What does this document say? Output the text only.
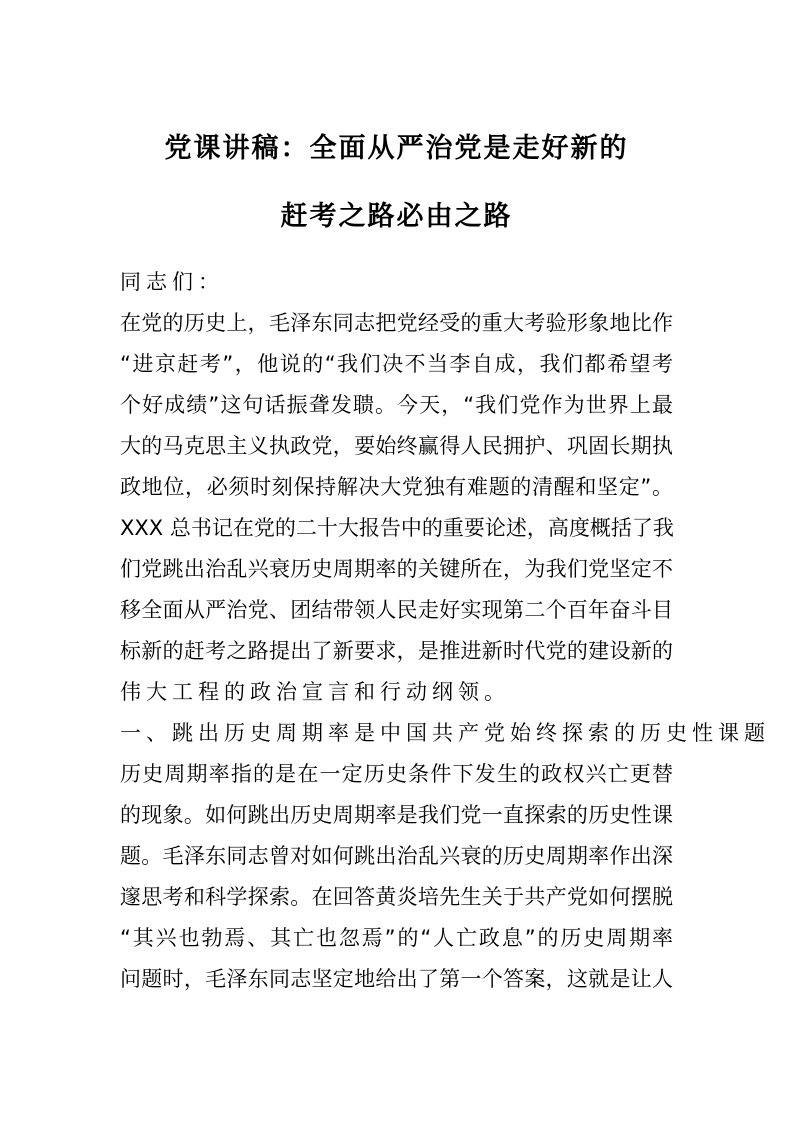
党课讲稿：全面从严治党是走好新的
赶考之路必由之路
同志们：
在党的历史上，毛泽东同志把党经受的重大考验形象地比作
“进京赶考”，他说的“我们决不当李自成，我们都希望考
个好成绩”这句话振聋发聩。今天，“我们党作为世界上最
大的马克思主义执政党，要始终赢得人民拥护、巩固长期执
政地位，必须时刻保持解决大党独有难题的清醒和坚定”。
XXX 总书记在党的二十大报告中的重要论述，高度概括了我
们党跳出治乱兴衰历史周期率的关键所在，为我们党坚定不
移全面从严治党、团结带领人民走好实现第二个百年奋斗目
标新的赶考之路提出了新要求，是推进新时代党的建设新的
伟大工程的政治宣言和行动纲领。
一、跳出历史周期率是中国共产党始终探索的历史性课题
历史周期率指的是在一定历史条件下发生的政权兴亡更替
的现象。如何跳出历史周期率是我们党一直探索的历史性课
题。毛泽东同志曾对如何跳出治乱兴衰的历史周期率作出深
邃思考和科学探索。在回答黄炎培先生关于共产党如何摆脱
“其兴也勃焉、其亡也忽焉”的“人亡政息”的历史周期率
问题时，毛泽东同志坚定地给出了第一个答案，这就是让人
